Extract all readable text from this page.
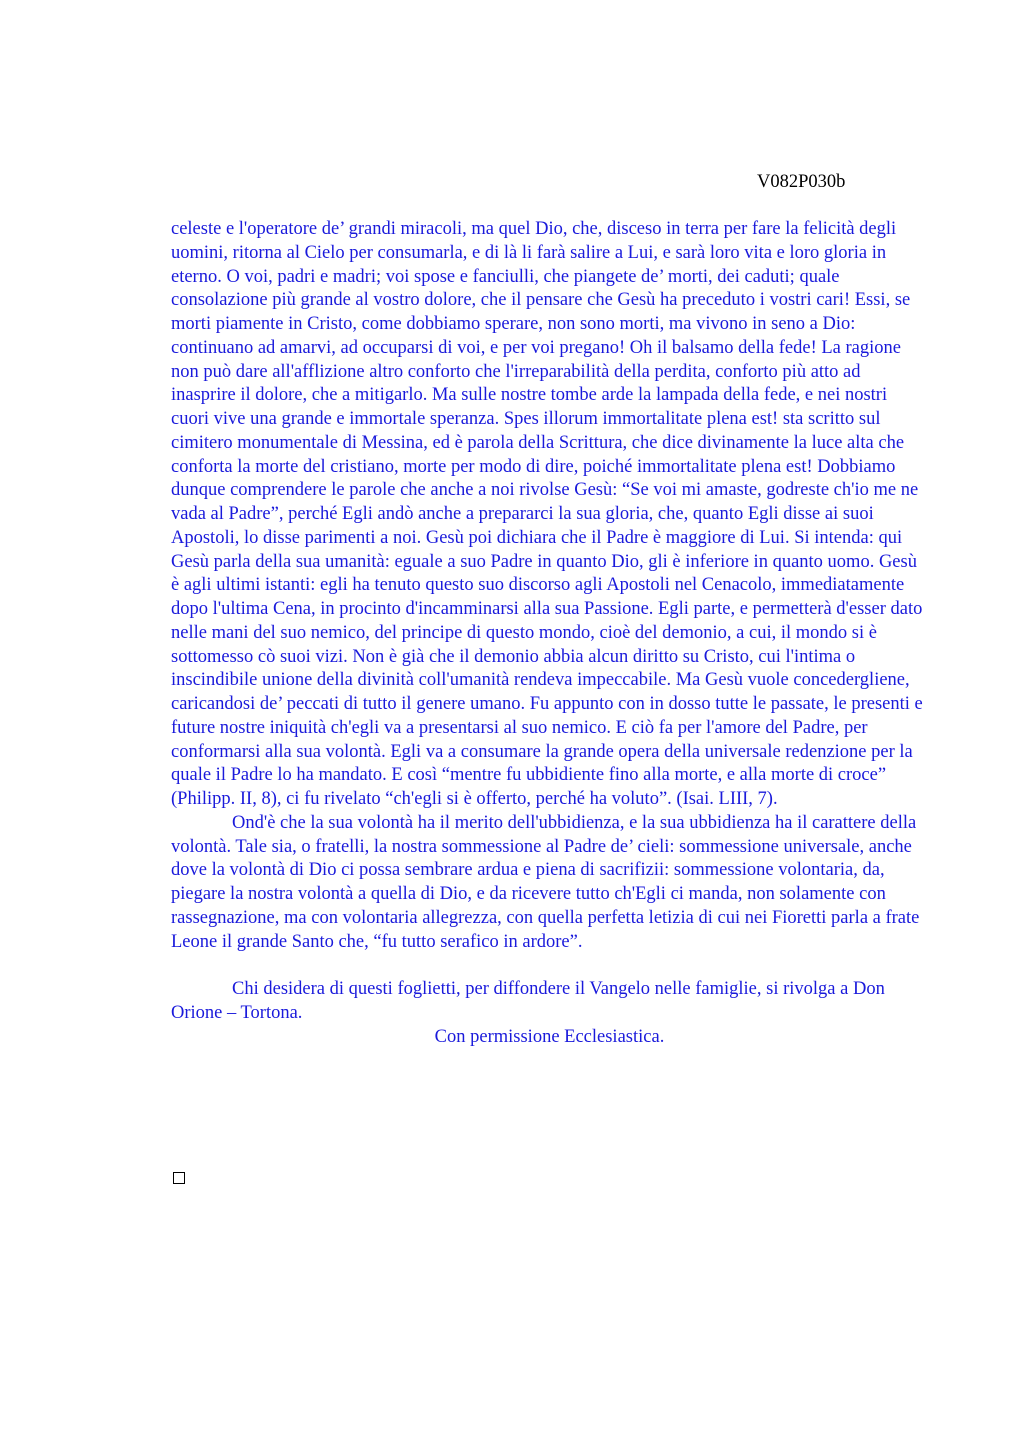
V082P030b

celeste e l'operatore de’ grandi miracoli, ma quel Dio, che, disceso in terra per fare la felicità degli uomini, ritorna al Cielo per consumarla, e di là li farà salire a Lui, e sarà loro vita e loro gloria in eterno. O voi, padri e madri; voi spose e fanciulli, che piangete de’ morti, dei caduti; quale consolazione più grande al vostro dolore, che il pensare che Gesù ha preceduto i vostri cari! Essi, se morti piamente in Cristo, come dobbiamo sperare, non sono morti, ma vivono in seno a Dio: continuano ad amarvi, ad occuparsi di voi, e per voi pregano! Oh il balsamo della fede! La ragione non può dare all'afflizione altro conforto che l'irreparabilità della perdita, conforto più atto ad inasprire il dolore, che a mitigarlo. Ma sulle nostre tombe arde la lampada della fede, e nei nostri cuori vive una grande e immortale speranza. Spes illorum immortalitate plena est! sta scritto sul cimitero monumentale di Messina, ed è parola della Scrittura, che dice divinamente la luce alta che conforta la morte del cristiano, morte per modo di dire, poiché immortalitate plena est! Dobbiamo dunque comprendere le parole che anche a noi rivolse Gesù: “Se voi mi amaste, godreste ch'io me ne vada al Padre”, perché Egli andò anche a prepararci la sua gloria, che, quanto Egli disse ai suoi Apostoli, lo disse parimenti a noi. Gesù poi dichiara che il Padre è maggiore di Lui. Si intenda: qui Gesù parla della sua umanità: eguale a suo Padre in quanto Dio, gli è inferiore in quanto uomo. Gesù è agli ultimi istanti: egli ha tenuto questo suo discorso agli Apostoli nel Cenacolo, immediatamente dopo l'ultima Cena, in procinto d'incamminarsi alla sua Passione. Egli parte, e permetterà d'esser dato nelle mani del suo nemico, del principe di questo mondo, cioè del demonio, a cui, il mondo si è sottomesso cò suoi vizi. Non è già che il demonio abbia alcun diritto su Cristo, cui l'intima o inscindibile unione della divinità coll'umanità rendeva impeccabile. Ma Gesù vuole concedergliene, caricandosi de’ peccati di tutto il genere umano. Fu appunto con in dosso tutte le passate, le presenti e future nostre iniquità ch'egli va a presentarsi al suo nemico. E ciò fa per l'amore del Padre, per conformarsi alla sua volontà. Egli va a consumare la grande opera della universale redenzione per la quale il Padre lo ha mandato. E così “mentre fu ubbidiente fino alla morte, e alla morte di croce” (Philipp. II, 8), ci fu rivelato “ch'egli si è offerto, perché ha voluto”. (Isai. LIII, 7).

Ond'è che la sua volontà ha il merito dell'ubbidienza, e la sua ubbidienza ha il carattere della volontà. Tale sia, o fratelli, la nostra sommessione al Padre de’ cieli: sommessione universale, anche dove la volontà di Dio ci possa sembrare ardua e piena di sacrifizii: sommessione volontaria, da, piegare la nostra volontà a quella di Dio, e da ricevere tutto ch'Egli ci manda, non solamente con rassegnazione, ma con volontaria allegrezza, con quella perfetta letizia di cui nei Fioretti parla a frate Leone il grande Santo che, “fu tutto serafico in ardore”.

Chi desidera di questi foglietti, per diffondere il Vangelo nelle famiglie, si rivolga a Don Orione – Tortona.

Con permissione Ecclesiastica.
